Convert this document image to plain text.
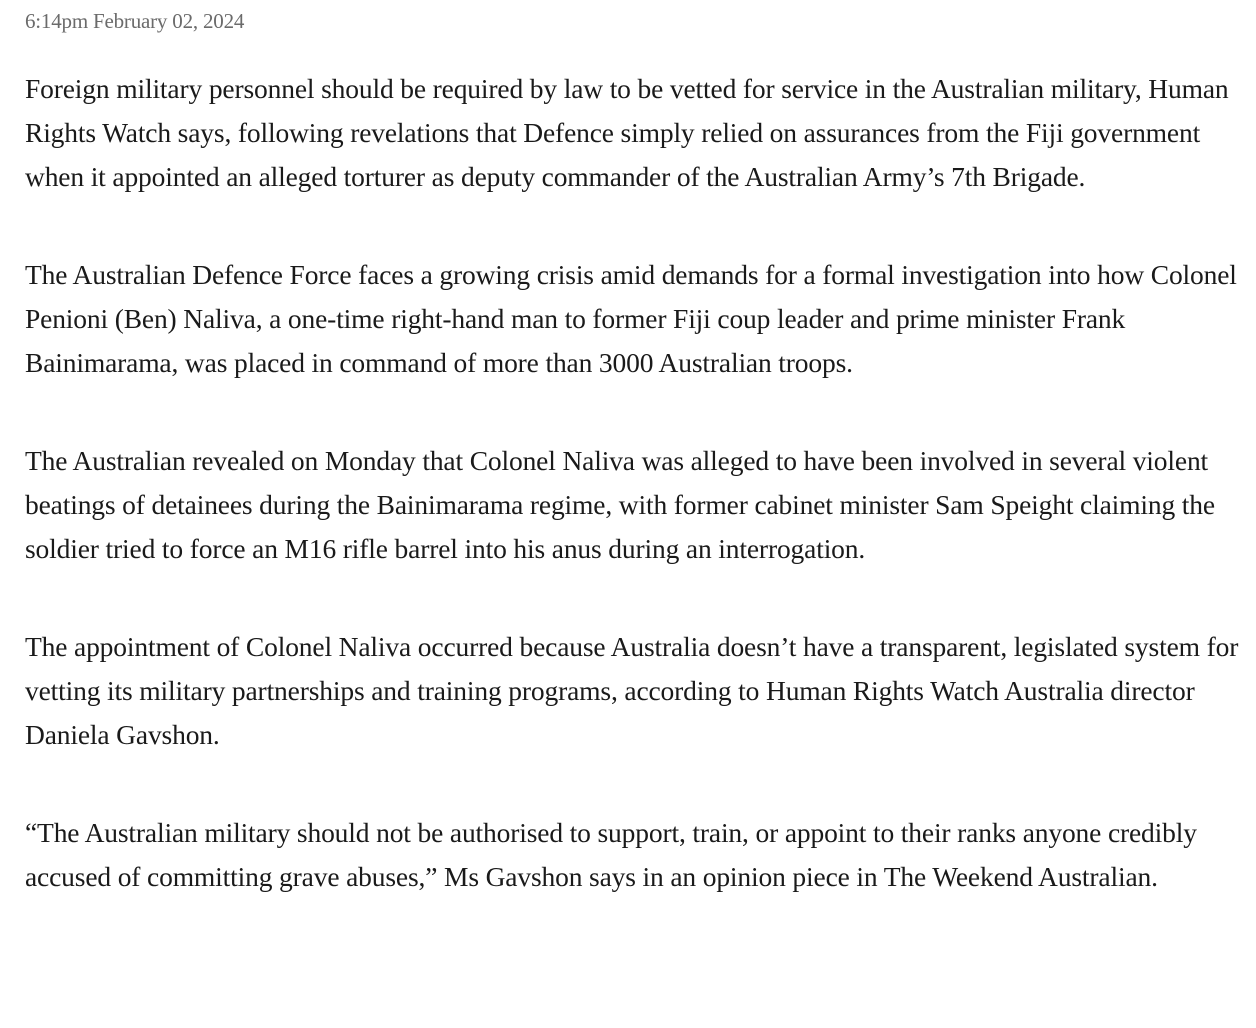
6:14pm February 02, 2024

Foreign military personnel should be required by law to be vetted for service in the Australian military, Human Rights Watch says, following revelations that Defence simply relied on assurances from the Fiji government when it appointed an alleged torturer as deputy commander of the Australian Army’s 7th Brigade.

The Australian Defence Force faces a growing crisis amid demands for a formal investigation into how Colonel Penioni (Ben) Naliva, a one-time right-hand man to former Fiji coup leader and prime minister Frank Bainimarama, was placed in command of more than 3000 Australian troops.

The Australian revealed on Monday that Colonel Naliva was alleged to have been involved in several violent beatings of detainees during the Bainimarama regime, with former cabinet minister Sam Speight claiming the soldier tried to force an M16 rifle barrel into his anus during an interrogation.

The appointment of Colonel Naliva occurred because Australia doesn’t have a transparent, legislated system for vetting its military partnerships and training programs, according to Human Rights Watch Australia director Daniela Gavshon.

“The Australian military should not be authorised to support, train, or appoint to their ranks anyone credibly accused of committing grave abuses,” Ms Gavshon says in an opinion piece in The Weekend Australian.
